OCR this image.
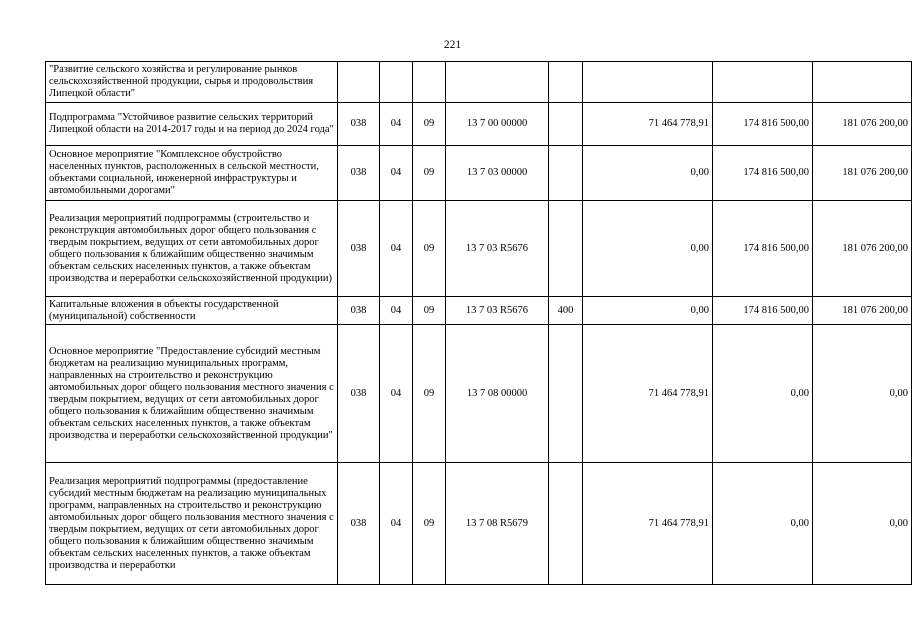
221
"Развитие сельского хозяйства и регулирование рынков сельскохозяйственной продукции, сырья и продовольствия Липецкой области"								
Подпрограмма "Устойчивое развитие сельских территорий Липецкой области на 2014-2017 годы и на период до 2024 года"	038	04	09	13 7 00 00000		71 464 778,91	174 816 500,00	181 076 200,00
Основное мероприятие "Комплексное обустройство населенных пунктов, расположенных в сельской местности, объектами социальной, инженерной инфраструктуры и автомобильными дорогами"	038	04	09	13 7 03 00000		0,00	174 816 500,00	181 076 200,00
Реализация мероприятий подпрограммы (строительство и реконструкция автомобильных дорог общего пользования с твердым покрытием, ведущих от сети автомобильных дорог общего пользования к ближайшим общественно значимым объектам сельских населенных пунктов, а также объектам производства и переработки сельскохозяйственной продукции)	038	04	09	13 7 03 R5676		0,00	174 816 500,00	181 076 200,00
Капитальные вложения в объекты государственной (муниципальной) собственности	038	04	09	13 7 03 R5676	400	0,00	174 816 500,00	181 076 200,00
Основное мероприятие "Предоставление субсидий местным бюджетам на реализацию муниципальных программ, направленных на строительство и реконструкцию автомобильных дорог общего пользования местного значения с твердым покрытием, ведущих от сети автомобильных дорог общего пользования к ближайшим общественно значимым объектам сельских населенных пунктов, а также объектам производства и переработки сельскохозяйственной продукции"	038	04	09	13 7 08 00000		71 464 778,91	0,00	0,00
Реализация мероприятий подпрограммы (предоставление субсидий местным бюджетам на реализацию муниципальных программ, направленных на строительство и реконструкцию автомобильных дорог общего пользования местного значения с твердым покрытием, ведущих от сети автомобильных дорог общего пользования к ближайшим общественно значимым объектам сельских населенных пунктов, а также объектам производства и переработки	038	04	09	13 7 08 R5679		71 464 778,91	0,00	0,00
